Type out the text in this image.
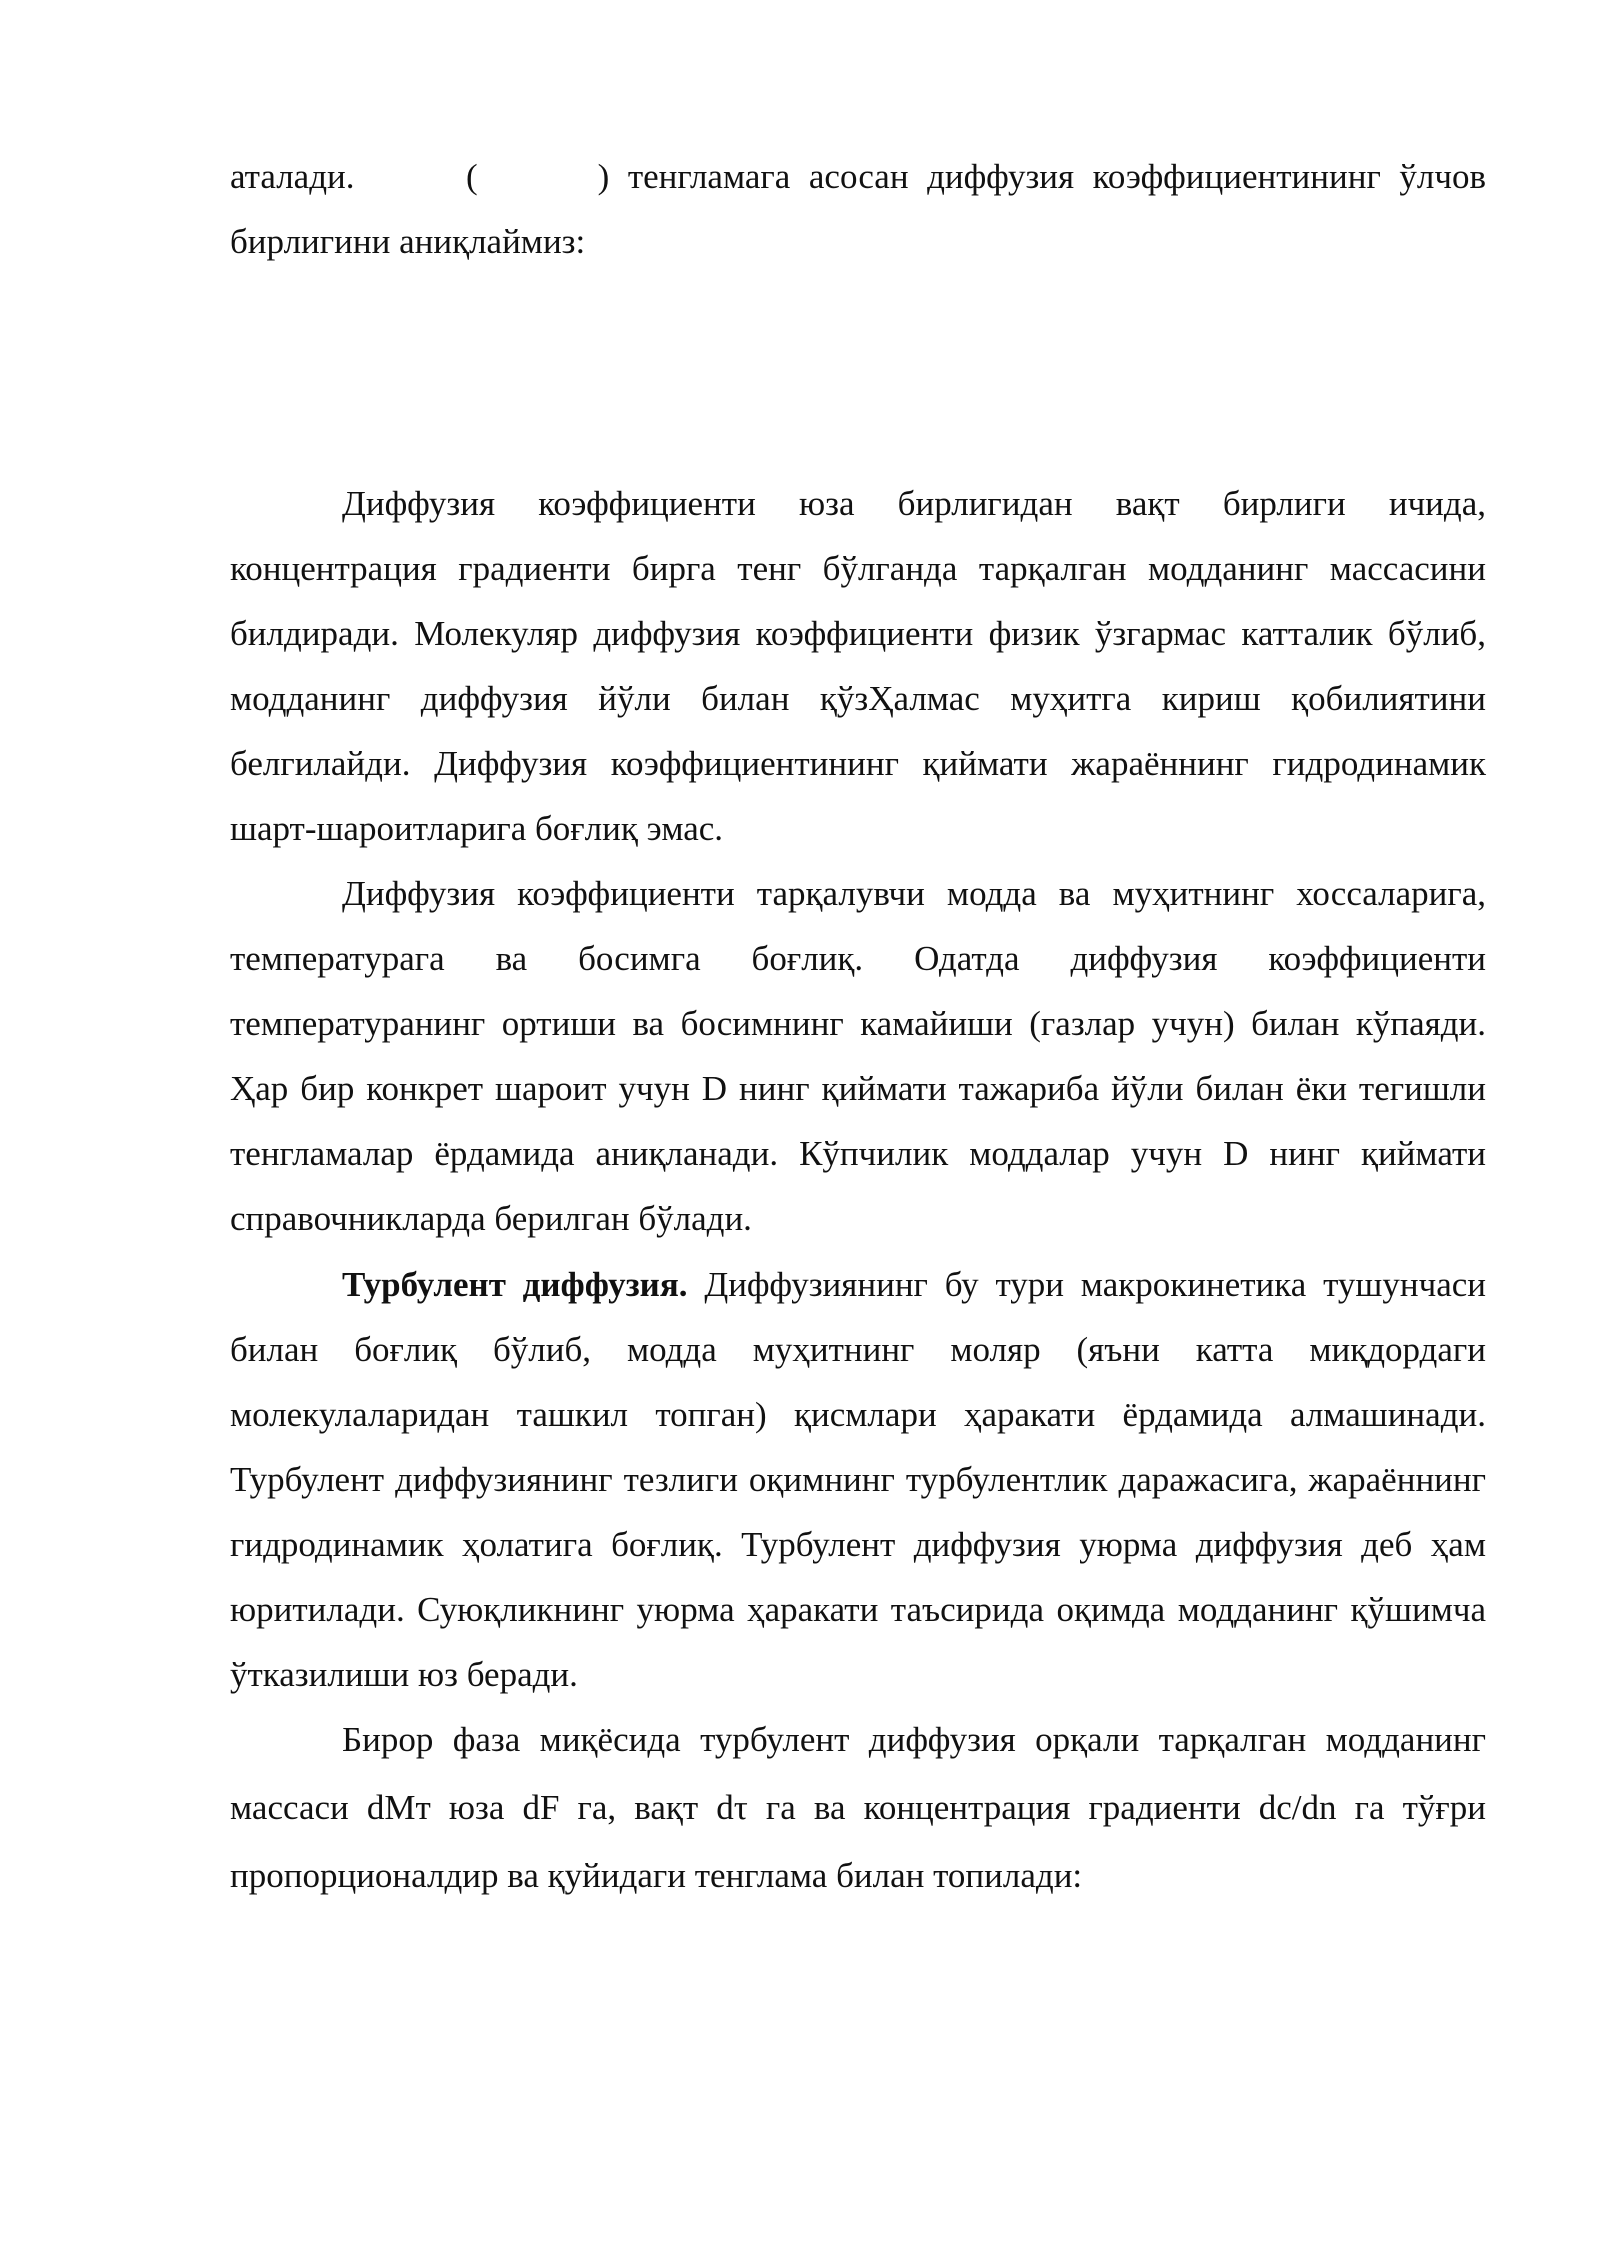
аталади.	(	) тенгламага асосан диффузия коэффициентининг ўлчов бирлигини аниқлаймиз:

Диффузия коэффициенти юза бирлигидан вақт бирлиги ичида, концентрация градиенти бирга тенг бўлганда тарқалган модданинг массасини билдиради. Молекуляр диффузия коэффициенти физик ўзгармас катталик бўлиб, модданинг диффузия йўли билан қўзҲалмас муҳитга кириш қобилиятини белгилайди. Диффузия коэффициентининг қиймати жараённинг гидродинамик шарт-шароитларига боғлиқ эмас.

Диффузия коэффициенти тарқалувчи модда ва муҳитнинг хоссаларига, температурага ва босимга боғлиқ. Одатда диффузия коэффициенти температуранинг ортиши ва босимнинг камайиши (газлар учун) билан кўпаяди. Ҳар бир конкрет шароит учун D нинг қиймати тажариба йўли билан ёки тегишли тенгламалар ёрдамида аниқланади. Кўпчилик моддалар учун D нинг қиймати справочникларда берилган бўлади.

Турбулент диффузия. Диффузиянинг бу тури макрокинетика тушунчаси билан боғлиқ бўлиб, модда муҳитнинг моляр (яъни катта миқдордаги молекулаларидан ташкил топган) қисмлари ҳаракати ёрдамида алмашинади. Турбулент диффузиянинг тезлиги оқимнинг турбулентлик даражасига, жараённинг гидродинамик ҳолатига боғлиқ. Турбулент диффузия уюрма диффузия деб ҳам юритилади. Суюқликнинг уюрма ҳаракати таъсирида оқимда модданинг қўшимча ўтказилиши юз беради.

Бирор фаза миқёсида турбулент диффузия орқали тарқалган модданинг массаси dMт юза dF га, вақт dτ га ва концентрация градиенти dc/dn га тўғри пропорционалдир ва қуйидаги тенглама билан топилади:
